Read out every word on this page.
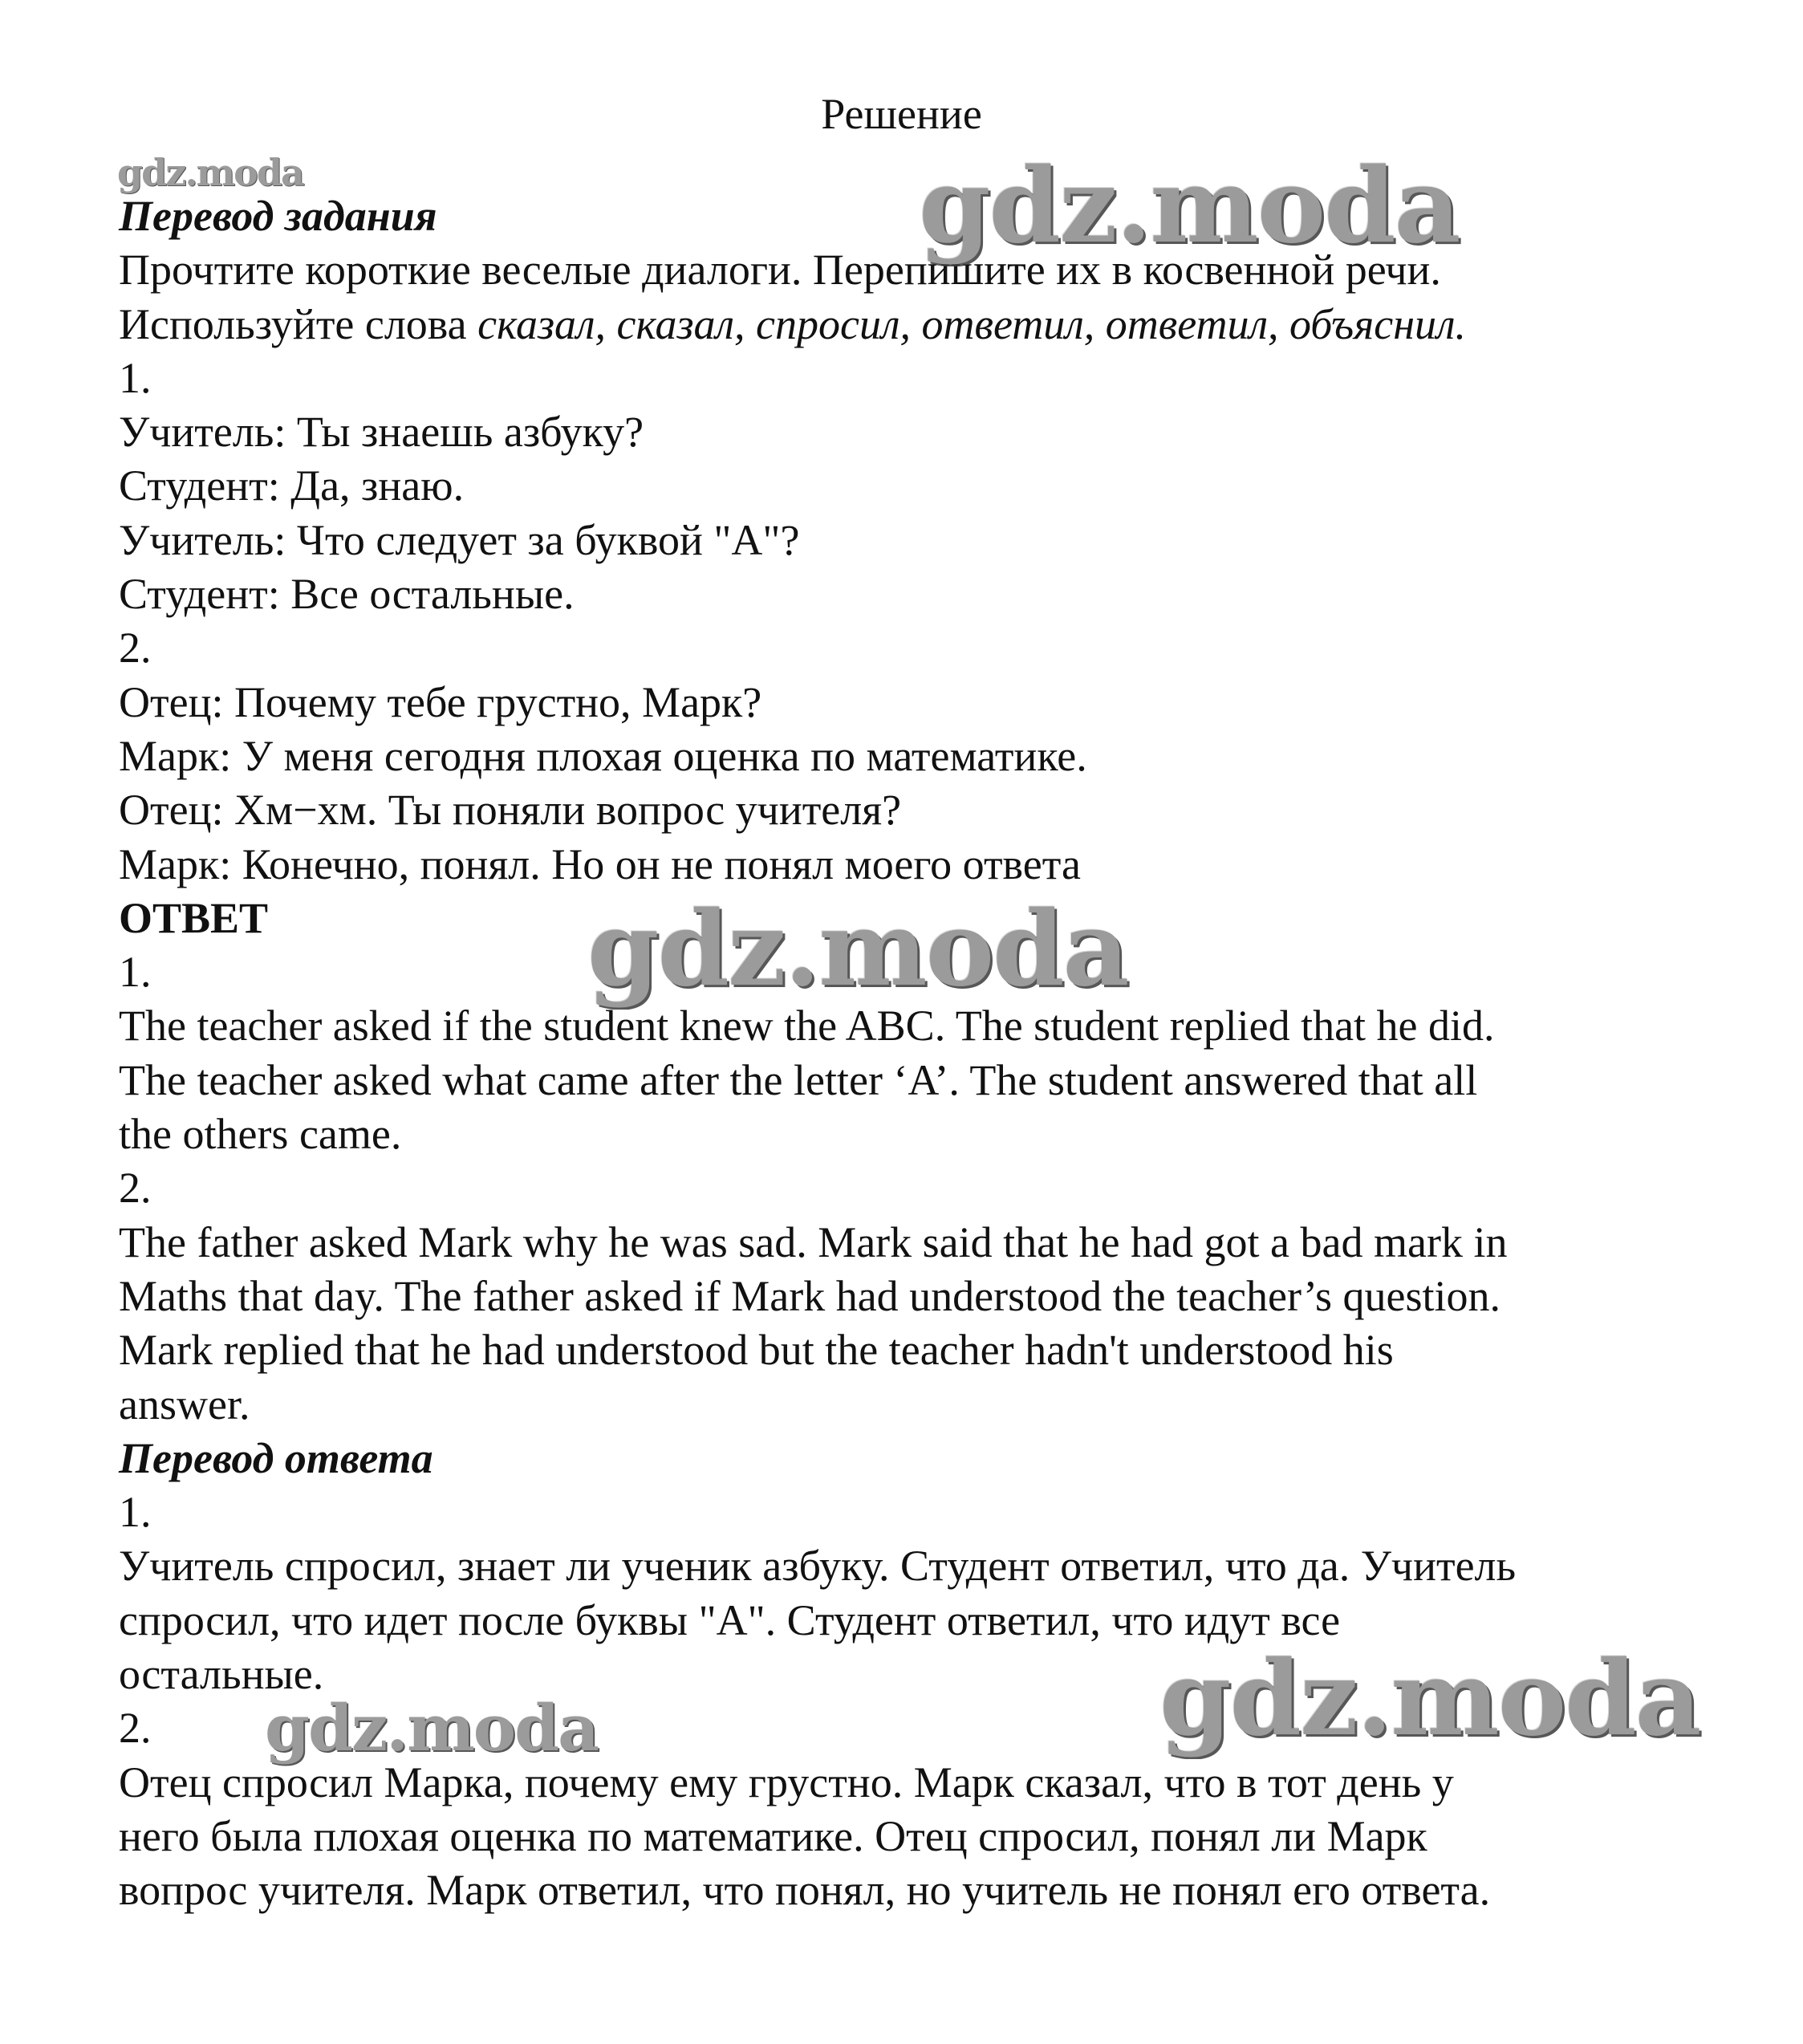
Решение
Перевод задания
Прочтите короткие веселые диалоги. Перепишите их в косвенной речи.
Используйте слова сказал, сказал, спросил, ответил, ответил, объяснил.
1.
Учитель: Ты знаешь азбуку?
Студент: Да, знаю.
Учитель: Что следует за буквой "А"?
Студент: Все остальные.
2.
Отец: Почему тебе грустно, Марк?
Марк: У меня сегодня плохая оценка по математике.
Отец: Хм−хм. Ты поняли вопрос учителя?
Марк: Конечно, понял. Но он не понял моего ответа
ОТВЕТ
1.
The teacher asked if the student knew the ABC. The student replied that he did.
The teacher asked what came after the letter ‘A’. The student answered that all
the others came.
2.
The father asked Mark why he was sad. Mark said that he had got a bad mark in
Maths that day. The father asked if Mark had understood the teacher’s question.
Mark replied that he had understood but the teacher hadn't understood his
answer.
Перевод ответа
1.
Учитель спросил, знает ли ученик азбуку. Студент ответил, что да. Учитель
спросил, что идет после буквы "А". Студент ответил, что идут все
остальные.
2.
Отец спросил Марка, почему ему грустно. Марк сказал, что в тот день у
него была плохая оценка по математике. Отец спросил, понял ли Марк
вопрос учителя. Марк ответил, что понял, но учитель не понял его ответа.
gdz.moda	gdz.moda
gdz.moda
gdz.moda	gdz.moda
